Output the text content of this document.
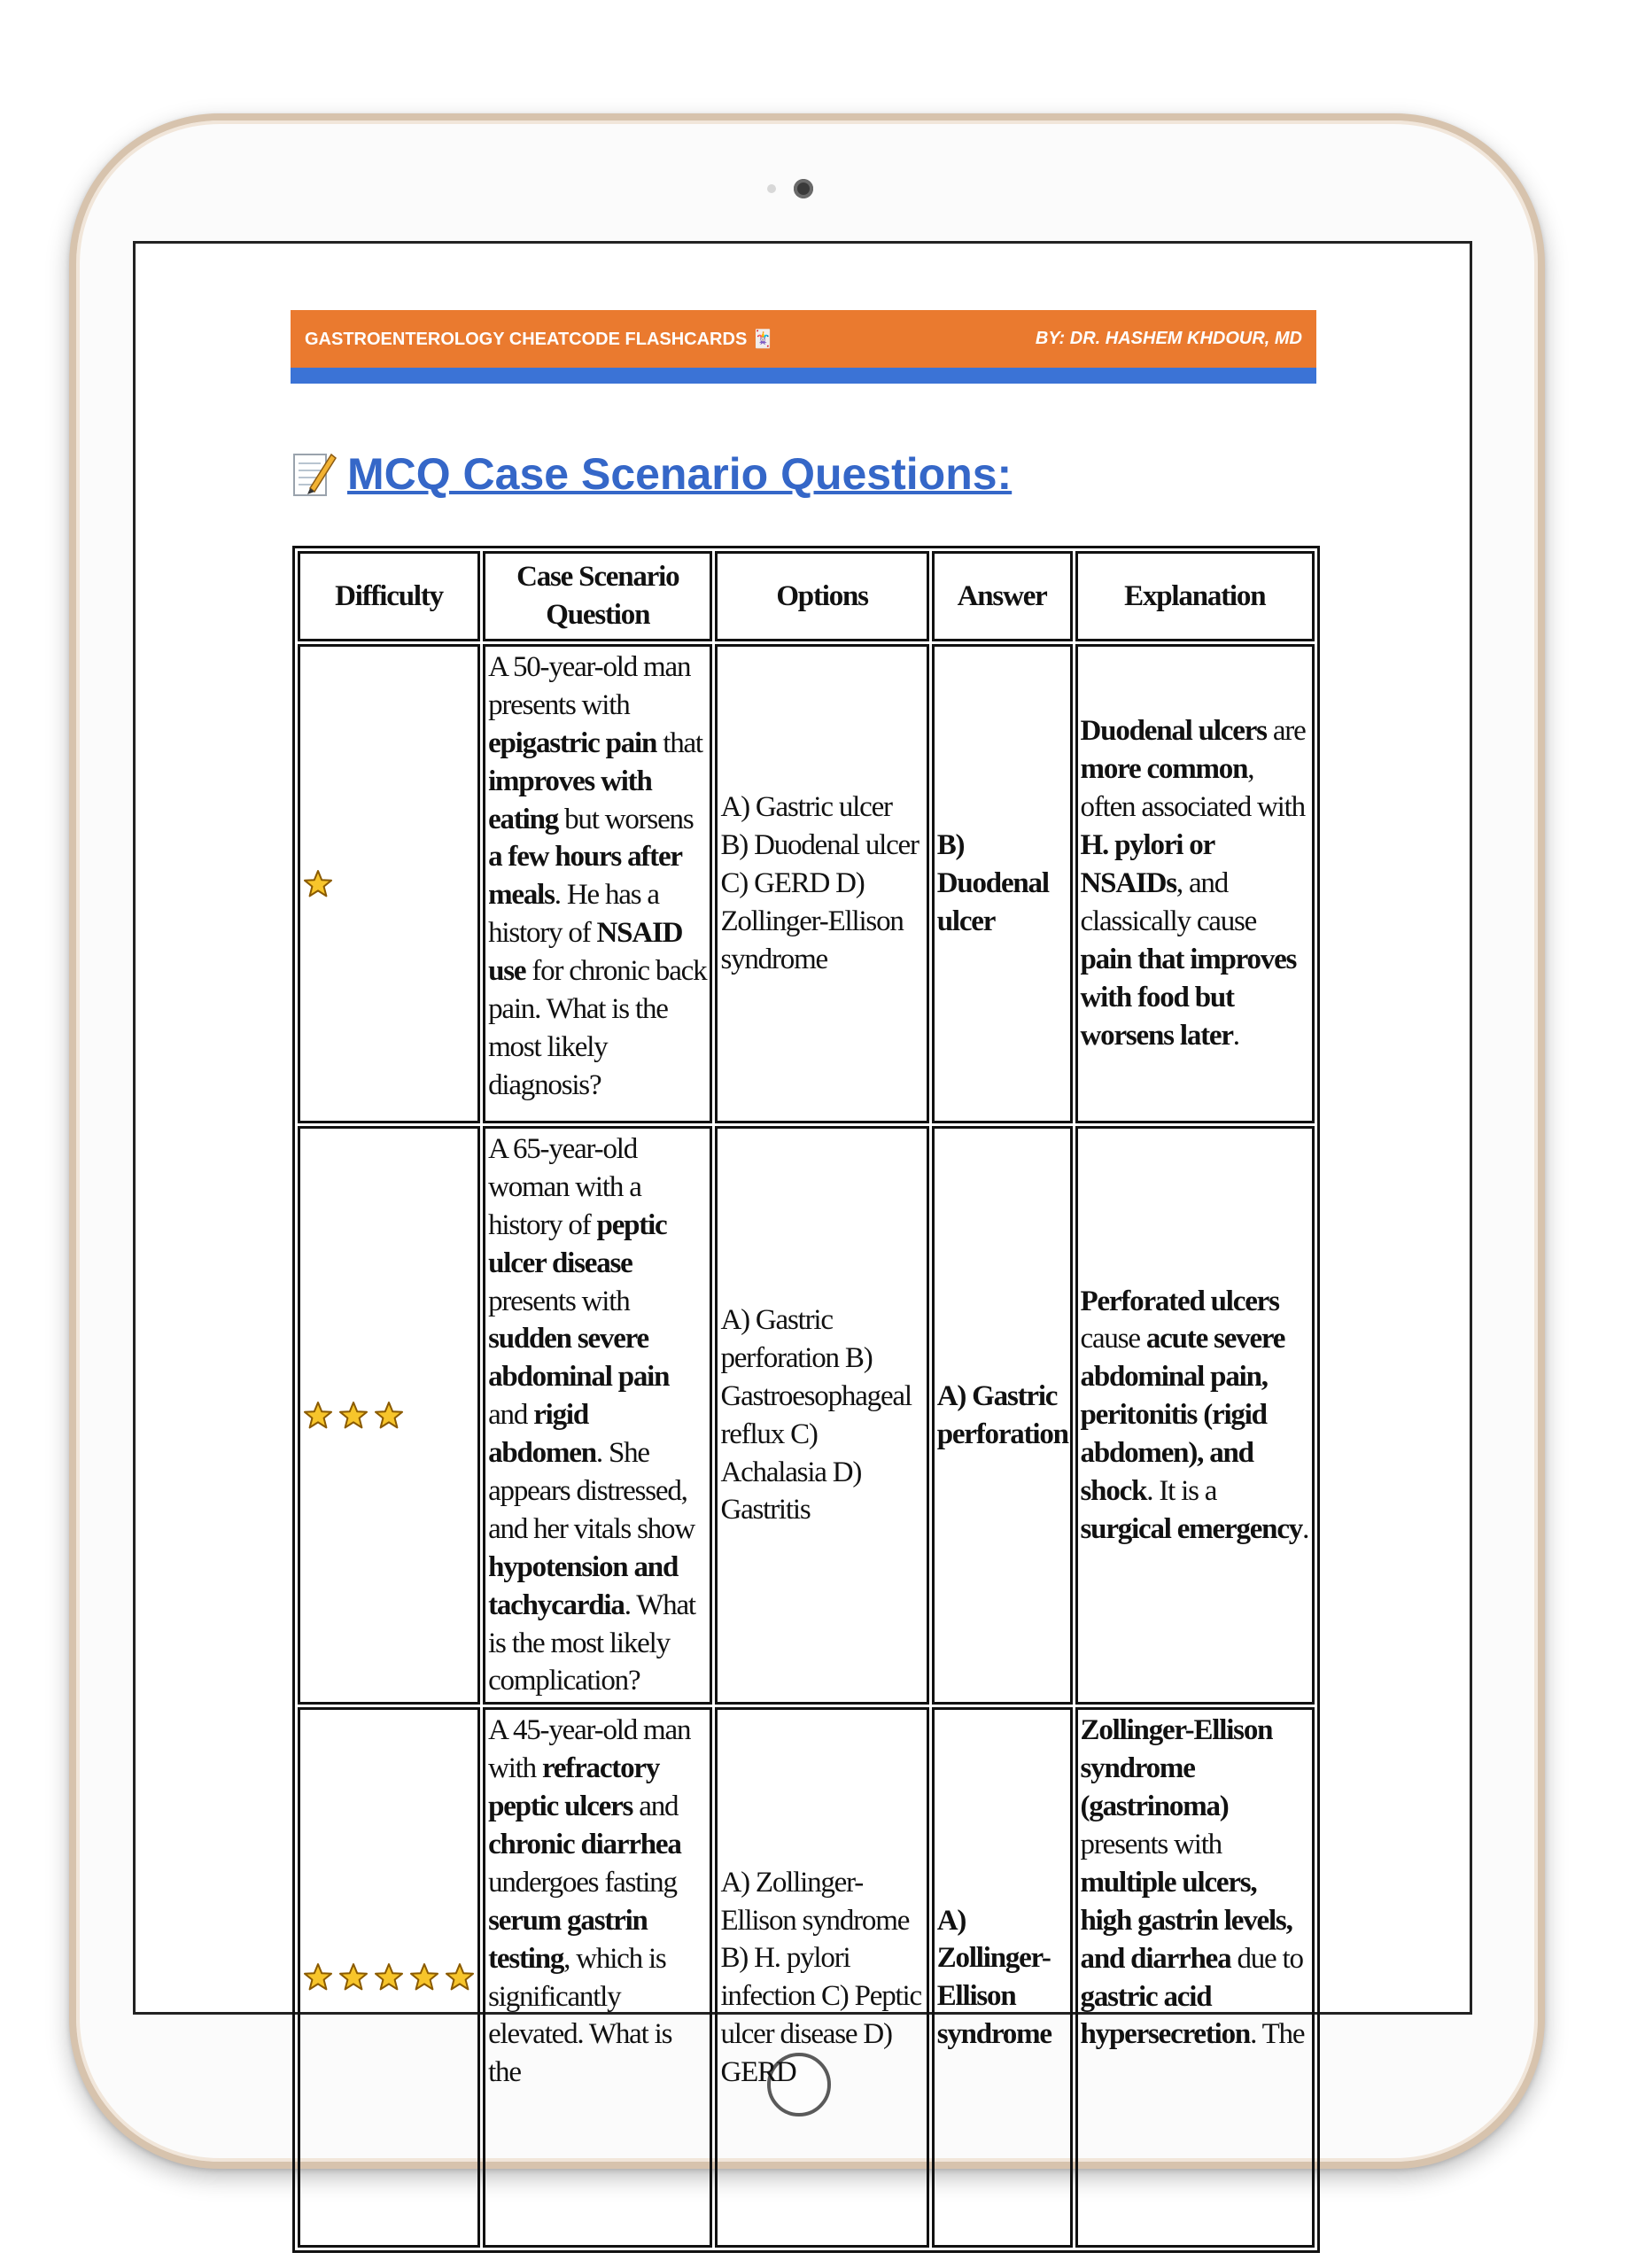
GASTROENTEROLOGY CHEATCODE FLASHCARDS 🃏	BY: DR. HASHEM KHDOUR, MD
MCQ Case Scenario Questions:
Difficulty	Case Scenario Question	Options	Answer	Explanation

	A 50-year-old man presents with epigastric pain that improves with eating but worsens a few hours after meals. He has a history of NSAID use for chronic back pain. What is the most likely diagnosis?	A) Gastric ulcer B) Duodenal ulcer C) GERD D) Zollinger-Ellison syndrome	B) Duodenal ulcer	Duodenal ulcers are more common, often associated with H. pylori or NSAIDs, and classically cause pain that improves with food but worsens later.

	A 65-year-old woman with a history of peptic ulcer disease presents with sudden severe abdominal pain and rigid abdomen. She appears distressed, and her vitals show hypotension and tachycardia. What is the most likely complication?	A) Gastric perforation B) Gastroesophageal reflux C) Achalasia D) Gastritis	A) Gastric perforation	Perforated ulcers cause acute severe abdominal pain, peritonitis (rigid abdomen), and shock. It is a surgical emergency.

	A 45-year-old man with refractory peptic ulcers and chronic diarrhea undergoes fasting serum gastrin testing, which is significantly elevated. What is the	A) Zollinger-Ellison syndrome B) H. pylori infection C) Peptic ulcer disease D) GERD	A) Zollinger-Ellison syndrome	Zollinger-Ellison syndrome (gastrinoma) presents with multiple ulcers, high gastrin levels, and diarrhea due to gastric acid hypersecretion. The
